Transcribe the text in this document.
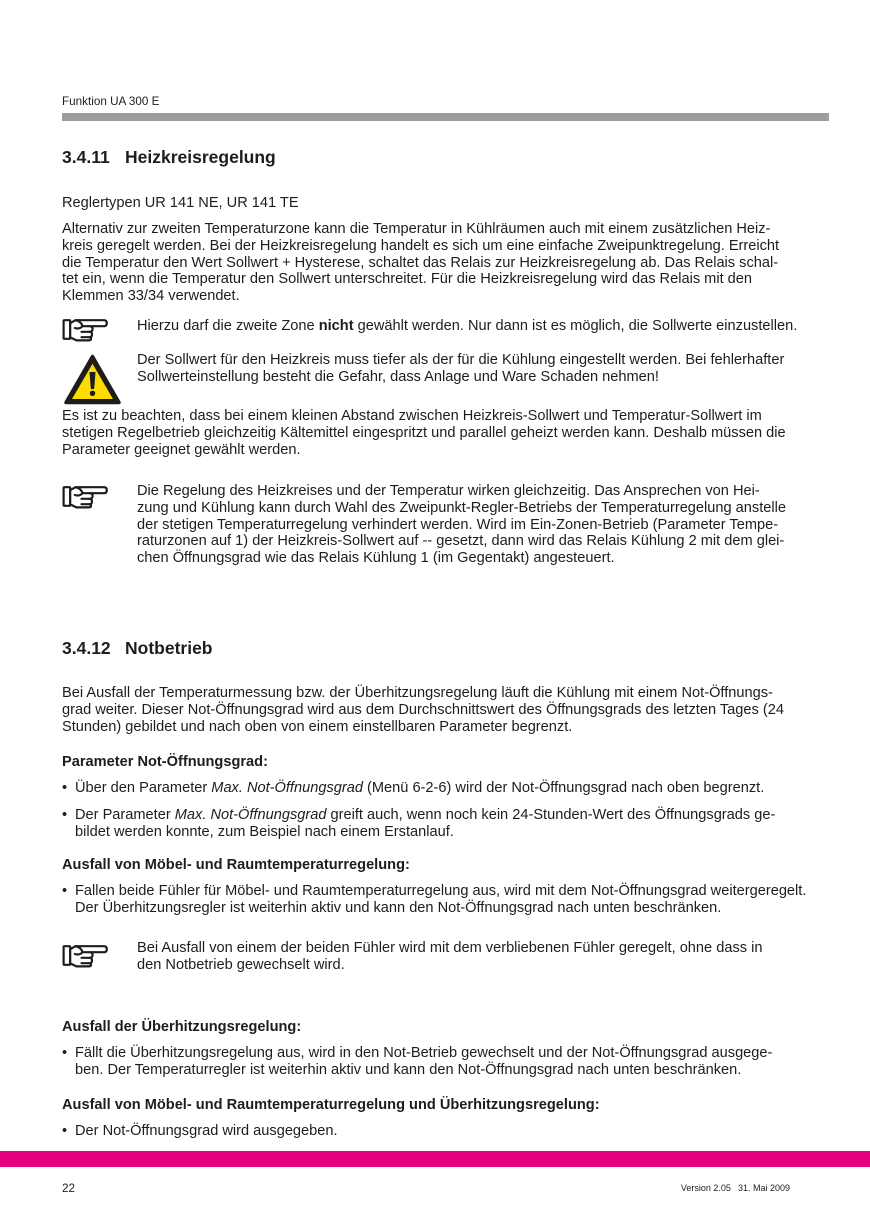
Funktion UA 300 E
3.4.11 Heizkreisregelung

Reglertypen UR 141 NE, UR 141 TE

Alternativ zur zweiten Temperaturzone kann die Temperatur in Kühlräumen auch mit einem zusätzlichen Heiz-
kreis geregelt werden. Bei der Heizkreisregelung handelt es sich um eine einfache Zweipunktregelung. Erreicht
die Temperatur den Wert Sollwert + Hysterese, schaltet das Relais zur Heizkreisregelung ab. Das Relais schal-
tet ein, wenn die Temperatur den Sollwert unterschreitet. Für die Heizkreisregelung wird das Relais mit den
Klemmen 33/34 verwendet.

Hierzu darf die zweite Zone nicht gewählt werden. Nur dann ist es möglich, die Sollwerte einzustellen.

Der Sollwert für den Heizkreis muss tiefer als der für die Kühlung eingestellt werden. Bei fehlerhafter
Sollwerteinstellung besteht die Gefahr, dass Anlage und Ware Schaden nehmen!

Es ist zu beachten, dass bei einem kleinen Abstand zwischen Heizkreis-Sollwert und Temperatur-Sollwert im
stetigen Regelbetrieb gleichzeitig Kältemittel eingespritzt und parallel geheizt werden kann. Deshalb müssen die
Parameter geeignet gewählt werden.

Die Regelung des Heizkreises und der Temperatur wirken gleichzeitig. Das Ansprechen von Hei-
zung und Kühlung kann durch Wahl des Zweipunkt-Regler-Betriebs der Temperaturregelung anstelle
der stetigen Temperaturregelung verhindert werden. Wird im Ein-Zonen-Betrieb (Parameter Tempe-
raturzonen auf 1) der Heizkreis-Sollwert auf -- gesetzt, dann wird das Relais Kühlung 2 mit dem glei-
chen Öffnungsgrad wie das Relais Kühlung 1 (im Gegentakt) angesteuert.

3.4.12 Notbetrieb

Bei Ausfall der Temperaturmessung bzw. der Überhitzungsregelung läuft die Kühlung mit einem Not-Öffnungs-
grad weiter. Dieser Not-Öffnungsgrad wird aus dem Durchschnittswert des Öffnungsgrads des letzten Tages (24
Stunden) gebildet und nach oben von einem einstellbaren Parameter begrenzt.

Parameter Not-Öffnungsgrad:

• Über den Parameter Max. Not-Öffnungsgrad (Menü 6-2-6) wird der Not-Öffnungsgrad nach oben begrenzt.
• Der Parameter Max. Not-Öffnungsgrad greift auch, wenn noch kein 24-Stunden-Wert des Öffnungsgrads ge-
bildet werden konnte, zum Beispiel nach einem Erstanlauf.

Ausfall von Möbel- und Raumtemperaturregelung:

• Fallen beide Fühler für Möbel- und Raumtemperaturregelung aus, wird mit dem Not-Öffnungsgrad weitergeregelt.
Der Überhitzungsregler ist weiterhin aktiv und kann den Not-Öffnungsgrad nach unten beschränken.

Bei Ausfall von einem der beiden Fühler wird mit dem verbliebenen Fühler geregelt, ohne dass in
den Notbetrieb gewechselt wird.

Ausfall der Überhitzungsregelung:

• Fällt die Überhitzungsregelung aus, wird in den Not-Betrieb gewechselt und der Not-Öffnungsgrad ausgege-
ben. Der Temperaturregler ist weiterhin aktiv und kann den Not-Öffnungsgrad nach unten beschränken.

Ausfall von Möbel- und Raumtemperaturregelung und Überhitzungsregelung:

• Der Not-Öffnungsgrad wird ausgegeben.
22	Version 2.05 31. Mai 2009
